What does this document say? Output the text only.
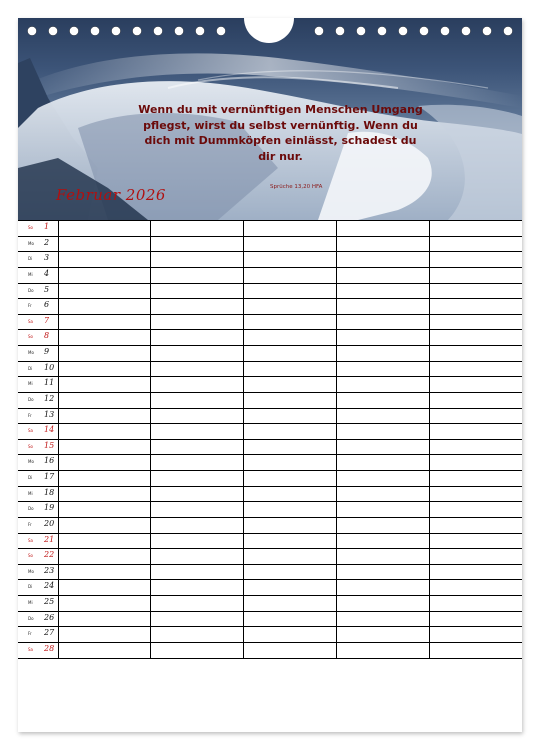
Wenn du mit vernünftigen Menschen Umgang pflegst, wirst du selbst vernünftig. Wenn du dich mit Dummköpfen einlässt, schadest du dir nur.
Sprüche 13,20 HFA
Februar 2026
So 1					

Mo 2					

Di 3					

Mi 4					

Do 5					

Fr 6					

Sa 7					

So 8					

Mo 9					

Di 10					

Mi 11					

Do 12					

Fr 13					

Sa 14					

So 15					

Mo 16					

Di 17					

Mi 18					

Do 19					

Fr 20					

Sa 21					

So 22					

Mo 23					

Di 24					

Mi 25					

Do 26					

Fr 27					

Sa 28					
